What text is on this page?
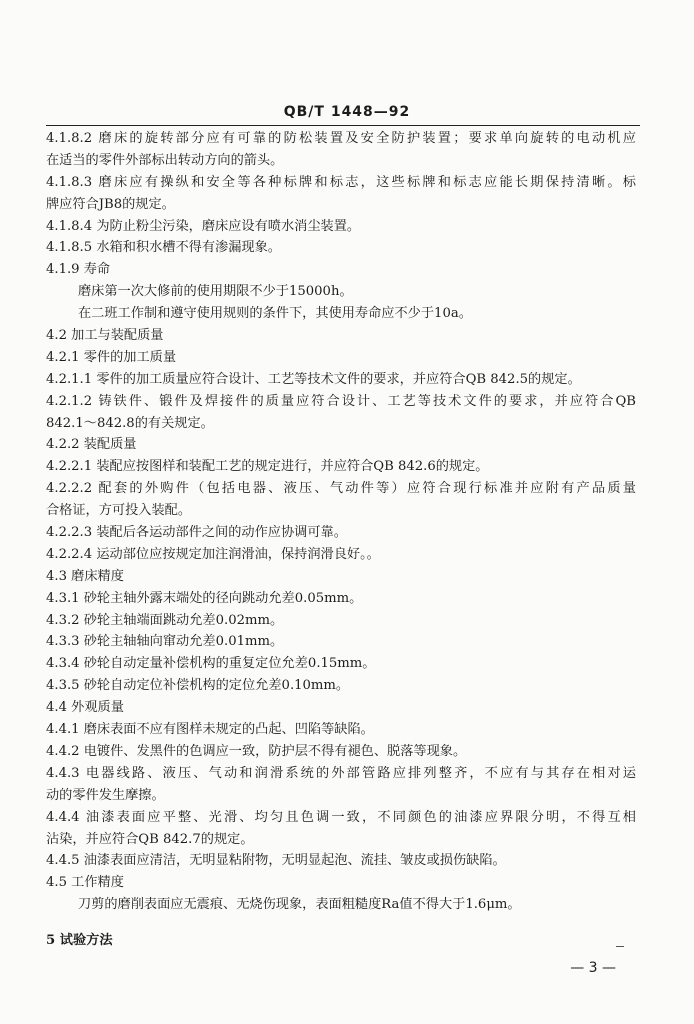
QB/T 1448—92
4.1.8.2 磨床的旋转部分应有可靠的防松装置及安全防护装置；要求单向旋转的电动机应
在适当的零件外部标出转动方向的箭头。
4.1.8.3 磨床应有操纵和安全等各种标牌和标志，这些标牌和标志应能长期保持清晰。标
牌应符合JB8的规定。
4.1.8.4 为防止粉尘污染，磨床应设有喷水消尘装置。
4.1.8.5 水箱和积水槽不得有渗漏现象。
4.1.9 寿命
磨床第一次大修前的使用期限不少于15000h。
在二班工作制和遵守使用规则的条件下，其使用寿命应不少于10a。
4.2 加工与装配质量
4.2.1 零件的加工质量
4.2.1.1 零件的加工质量应符合设计、工艺等技术文件的要求，并应符合QB 842.5的规定。
4.2.1.2 铸铁件、锻件及焊接件的质量应符合设计、工艺等技术文件的要求，并应符合QB
842.1～842.8的有关规定。
4.2.2 装配质量
4.2.2.1 装配应按图样和装配工艺的规定进行，并应符合QB 842.6的规定。
4.2.2.2 配套的外购件（包括电器、液压、气动件等）应符合现行标准并应附有产品质量
合格证，方可投入装配。
4.2.2.3 装配后各运动部件之间的动作应协调可靠。
4.2.2.4 运动部位应按规定加注润滑油，保持润滑良好。。
4.3 磨床精度
4.3.1 砂轮主轴外露末端处的径向跳动允差0.05mm。
4.3.2 砂轮主轴端面跳动允差0.02mm。
4.3.3 砂轮主轴轴向窜动允差0.01mm。
4.3.4 砂轮自动定量补偿机构的重复定位允差0.15mm。
4.3.5 砂轮自动定位补偿机构的定位允差0.10mm。
4.4 外观质量
4.4.1 磨床表面不应有图样未规定的凸起、凹陷等缺陷。
4.4.2 电镀件、发黑件的色调应一致，防护层不得有褪色、脱落等现象。
4.4.3 电器线路、液压、气动和润滑系统的外部管路应排列整齐，不应有与其存在相对运
动的零件发生摩擦。
4.4.4 油漆表面应平整、光滑、均匀且色调一致，不同颜色的油漆应界限分明，不得互相
沾染，并应符合QB 842.7的规定。
4.4.5 油漆表面应清洁，无明显粘附物，无明显起泡、流挂、皱皮或损伤缺陷。
4.5 工作精度
刀剪的磨削表面应无震痕、无烧伤现象，表面粗糙度Ra值不得大于1.6μm。
5 试验方法
— 3 —
